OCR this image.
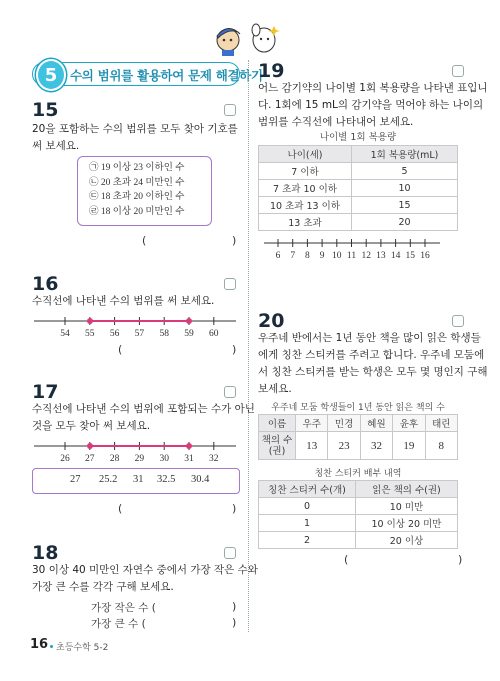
5	수의 범위를 활용하여 문제 해결하기
15
20을 포함하는 수의 범위를 모두 찾아 기호를 써 보세요.
㉠ 19 이상 23 이하인 수
㉡ 20 초과 24 미만인 수
㉢ 18 초과 20 이하인 수
㉣ 18 이상 20 미만인 수
(	)
16
수직선에 나타낸 수의 범위를 써 보세요.
54 55 56 57 58 59 60
(	)
17
수직선에 나타낸 수의 범위에 포함되는 수가 아닌
것을 모두 찾아 써 보세요.
26 27 28 29 30 31 32
27 25.2 31 32.5 30.4
(	)
18
30 이상 40 미만인 자연수 중에서 가장 작은 수와
가장 큰 수를 각각 구해 보세요.
가장 작은 수 (	)
가장 큰 수 (	)
19
어느 감기약의 나이별 1회 복용량을 나타낸 표입니
다. 1회에 15 mL의 감기약을 먹어야 하는 나이의
범위를 수직선에 나타내어 보세요.
나이별 1회 복용량
나이(세)	1회 복용량(mL)
7 이하	5
7 초과 10 이하	10
10 초과 13 이하	15
13 초과	20
6 7 8 9 10 11 12 13 14 15 16
20
우주네 반에서는 1년 동안 책을 많이 읽은 학생들
에게 칭찬 스티커를 주려고 합니다. 우주네 모둠에
서 칭찬 스티커를 받는 학생은 모두 몇 명인지 구해
보세요.
우주네 모둠 학생들이 1년 동안 읽은 책의 수
이름	우주	민경	혜원	윤후	태린
책의 수
(권)	13	23	32	19	8
칭찬 스티커 배부 내역
칭찬 스티커 수(개)	읽은 책의 수(권)
0	10 미만
1	10 이상 20 미만
2	20 이상
(	)
16 초등수학 5-2
